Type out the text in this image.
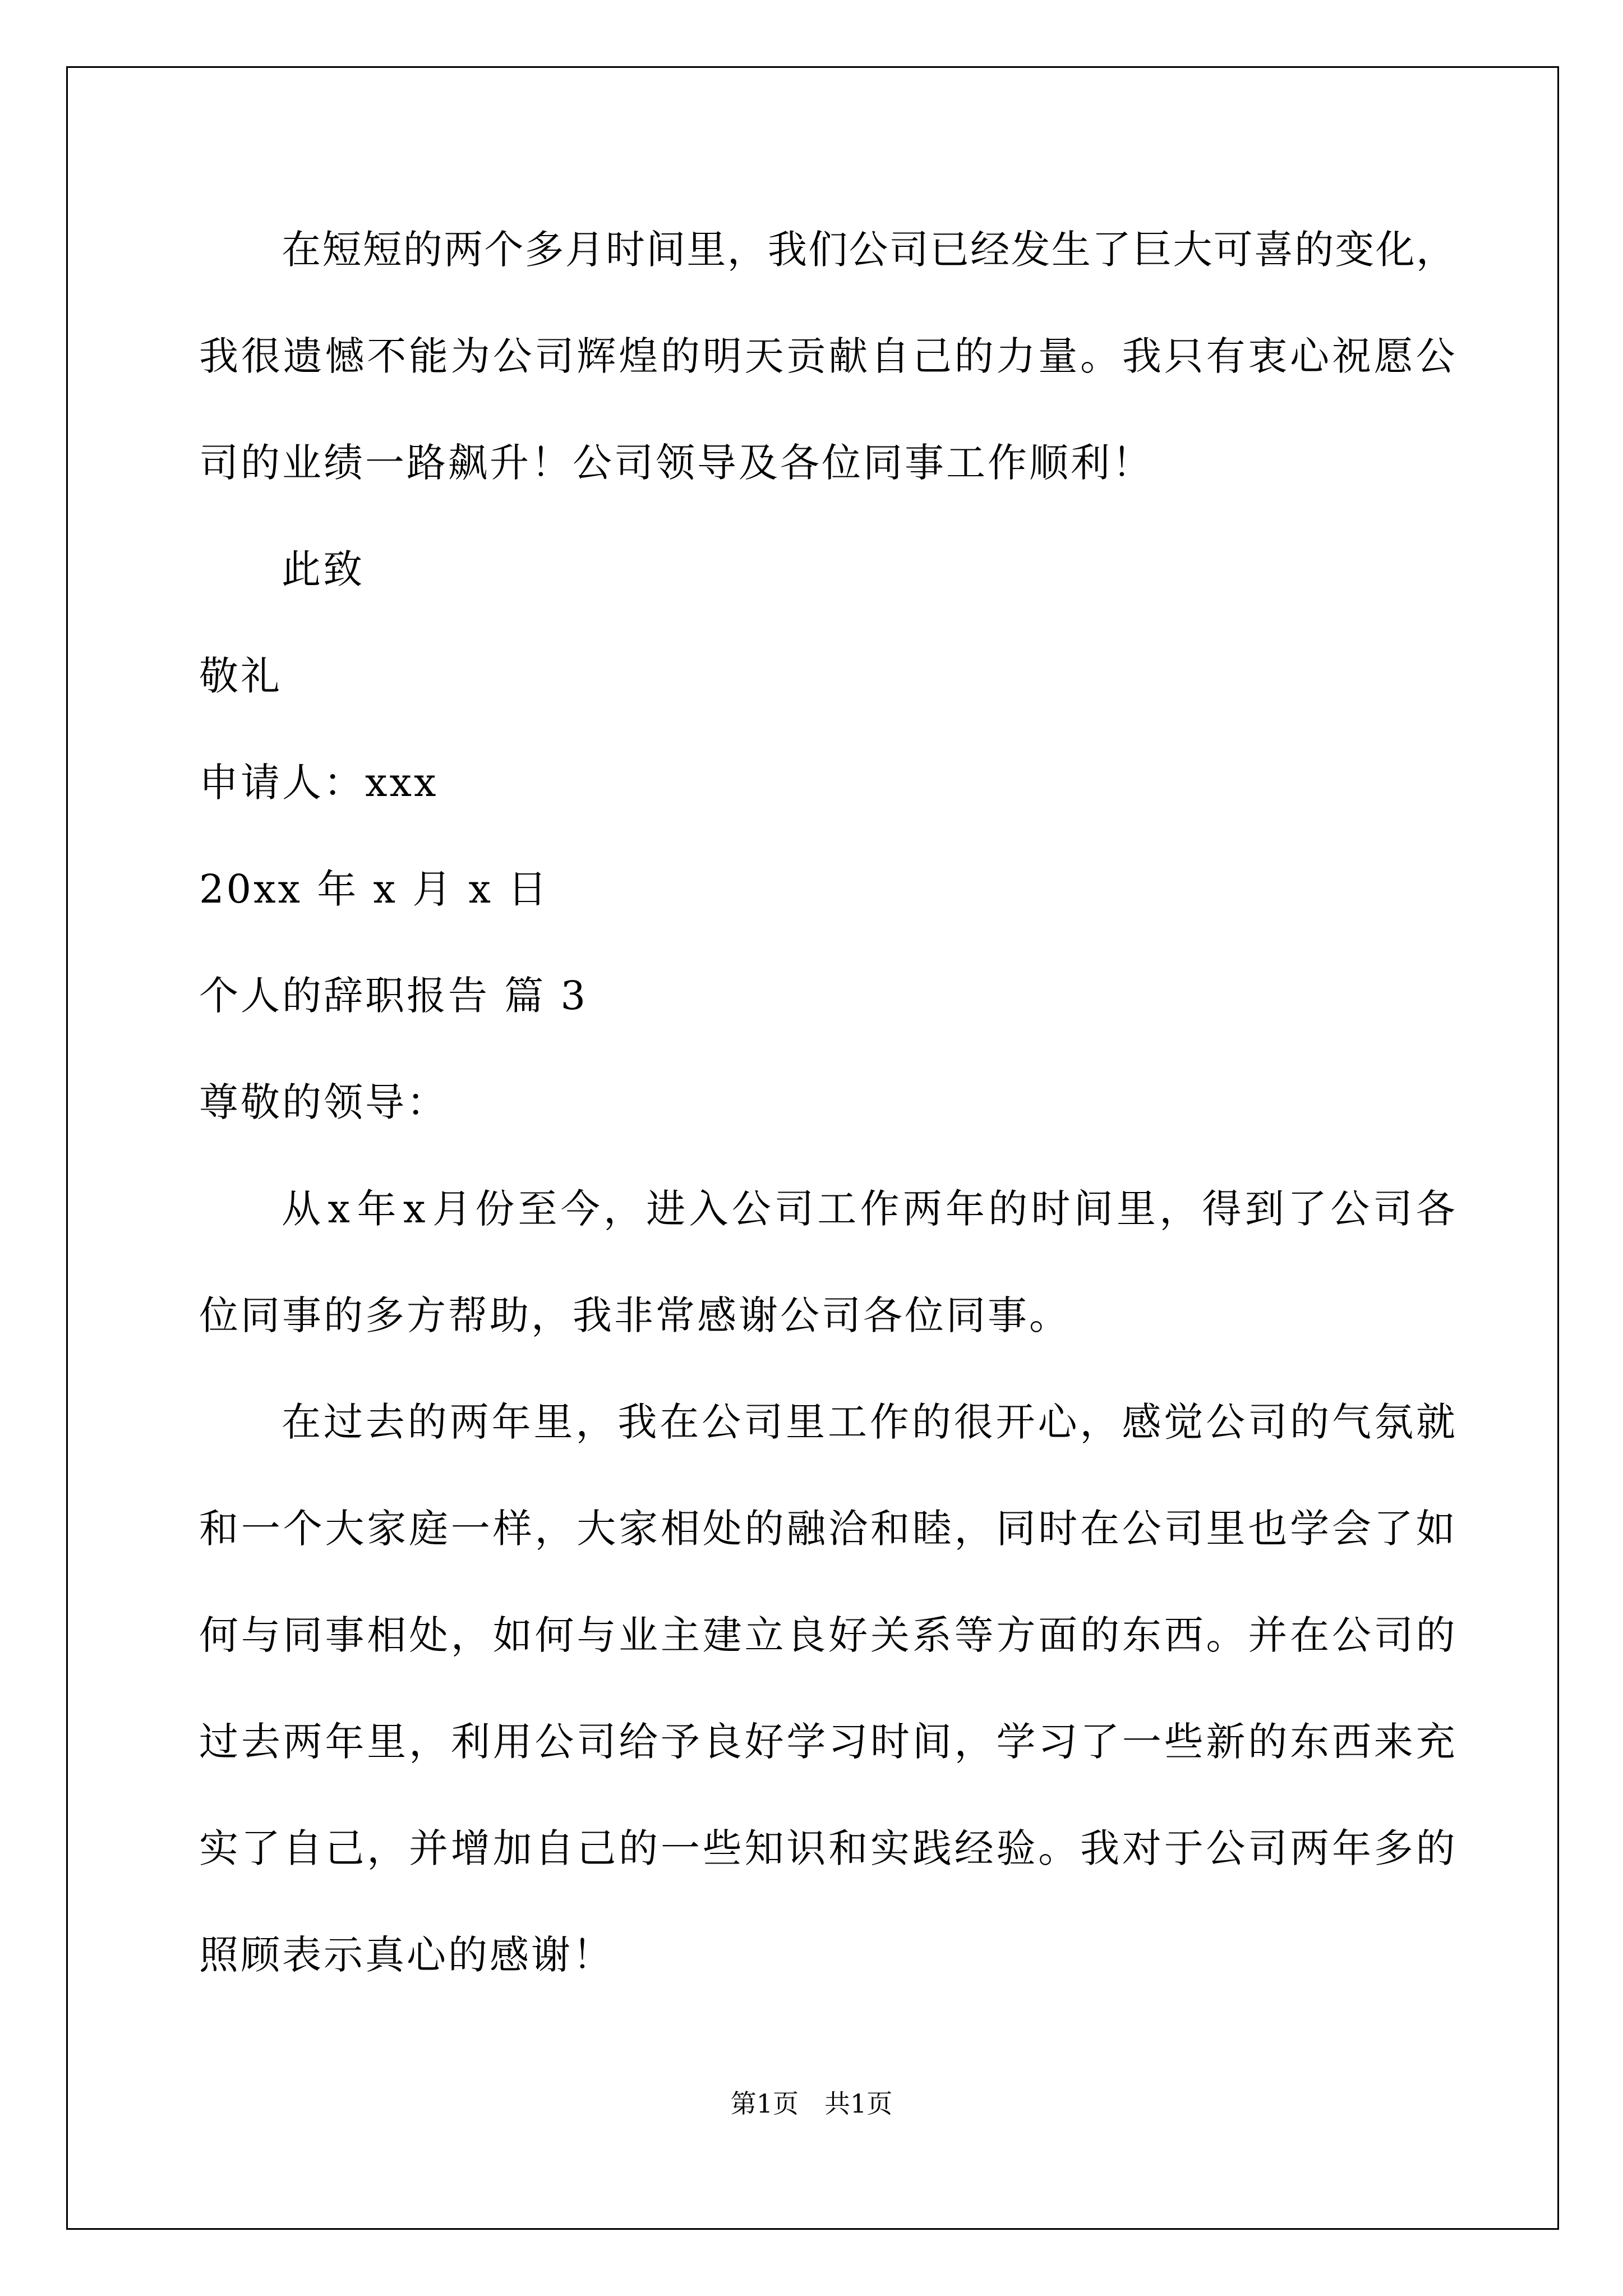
在 短 短 的 两 个 多 月 时 间 里 ， 我 们 公 司 已 经 发 生 了 巨 大 可 喜 的 变 化 ，
我 很 遗 憾 不 能 为 公 司 辉 煌 的 明 天 贡 献 自 己 的 力 量 。 我 只 有 衷 心 祝 愿 公
司的业绩一路飙升！公司领导及各位同事工作顺利！
此致
敬礼
申请人：xxx
20xx 年 x 月 x 日
个人的辞职报告 篇 3
尊敬的领导：
从 x 年 x 月 份 至 今 ， 进 入 公 司 工 作 两 年 的 时 间 里 ， 得 到 了 公 司 各
位同事的多方帮助，我非常感谢公司各位同事。
在 过 去 的 两 年 里 ， 我 在 公 司 里 工 作 的 很 开 心 ， 感 觉 公 司 的 气 氛 就
和 一 个 大 家 庭 一 样 ， 大 家 相 处 的 融 洽 和 睦 ， 同 时 在 公 司 里 也 学 会 了 如
何 与 同 事 相 处 ， 如 何 与 业 主 建 立 良 好 关 系 等 方 面 的 东 西 。 并 在 公 司 的
过 去 两 年 里 ， 利 用 公 司 给 予 良 好 学 习 时 间 ， 学 习 了 一 些 新 的 东 西 来 充
实 了 自 己 ， 并 增 加 自 己 的 一 些 知 识 和 实 践 经 验 。 我 对 于 公 司 两 年 多 的
照顾表示真心的感谢！
第1页　共1页
